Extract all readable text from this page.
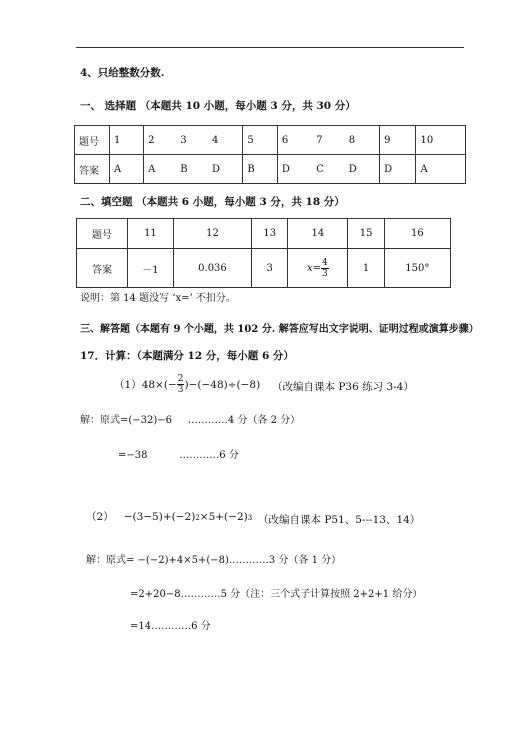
4、只给整数分数.
一、 选择题 （本题共 10 小题，每小题 3 分，共 30 分）
题号	1	2	3	4	5	6	7	8	9	10
答案	A	A	B	D	B	D	C	D	D	A
二、填空题 （本题共 6 小题，每小题 3 分，共 18 分）
题号	11	12	13	14	15	16
答案	－1	0.036	3	$x= \frac{4}{3}$	1	150°
说明：第 14 题没写 ‘x=’ 不扣分。
三、解答题（本题有 9 个小题，共 102 分. 解答应写出文字说明、证明过程或演算步骤）
17．计算：（本题满分 12 分，每小题 6 分）
（1） $48\times(- \frac{2}{3} )-(-48)\div(-8)$ （改编自课本 P36 练习 3-4）
解：原式=(−32)−6     …………4 分（各 2 分）
=−38          …………6 分
（2） −(3−5)+(−2) 2 ×5+(−2) 3 （改编自课本 P51、5---13、14）
解：原式= −(−2)+4×5+(−8)…………3 分（各 1 分）
=2+20−8…………5 分（注：三个式子计算按照 2+2+1 给分）
=14…………6 分
